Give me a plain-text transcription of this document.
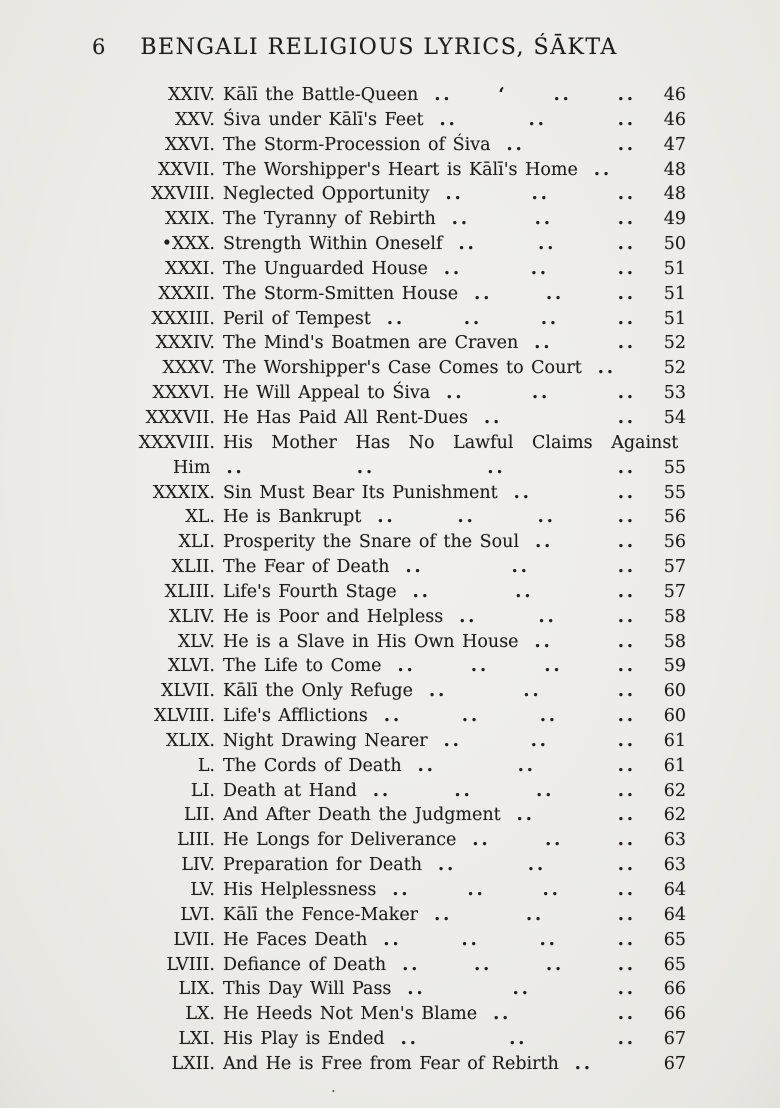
6 BENGALI RELIGIOUS LYRICS, ŚĀKTA
XXIV. Kālī the Battle-Queen ..	ʻ	..	..	46
XXV. Śiva under Kālī's Feet ..	..	..	46
XXVI. The Storm-Procession of Śiva ..	..	47
XXVII. The Worshipper's Heart is Kālī's Home ..	48
XXVIII. Neglected Opportunity ..	..	..	48
XXIX. The Tyranny of Rebirth ..	..	..	49
•XXX. Strength Within Oneself ..	..	..	50
XXXI. The Unguarded House ..	..	..	51
XXXII. The Storm-Smitten House ..	..	..	51
XXXIII. Peril of Tempest ..	..	..	..	51
XXXIV. The Mind's Boatmen are Craven ..	..	52
XXXV. The Worshipper's Case Comes to Court ..	52
XXXVI. He Will Appeal to Śiva ..	..	..	53
XXXVII. He Has Paid All Rent-Dues ..	..	54
XXXVIII. His Mother Has No Lawful Claims Against
Him ..	..	..	..	55
XXXIX. Sin Must Bear Its Punishment ..	..	55
XL. He is Bankrupt ..	..	..	..	56
XLI. Prosperity the Snare of the Soul ..	..	56
XLII. The Fear of Death ..	..	..	57
XLIII. Life's Fourth Stage ..	..	..	57
XLIV. He is Poor and Helpless ..	..	..	58
XLV. He is a Slave in His Own House ..	..	58
XLVI. The Life to Come ..	..	..	..	59
XLVII. Kālī the Only Refuge ..	..	..	60
XLVIII. Life's Afflictions ..	..	..	..	60
XLIX. Night Drawing Nearer ..	..	..	61
L. The Cords of Death ..	..	..	61
LI. Death at Hand ..	..	..	..	62
LII. And After Death the Judgment ..	..	62
LIII. He Longs for Deliverance ..	..	..	63
LIV. Preparation for Death ..	..	..	63
LV. His Helplessness ..	..	..	..	64
LVI. Kālī the Fence-Maker ..	..	..	64
LVII. He Faces Death ..	..	..	..	65
LVIII. Defiance of Death ..	..	..	..	65
LIX. This Day Will Pass ..	..	..	66
LX. He Heeds Not Men's Blame ..	..	66
LXI. His Play is Ended ..	..	..	67
LXII. And He is Free from Fear of Rebirth ..	67
.
